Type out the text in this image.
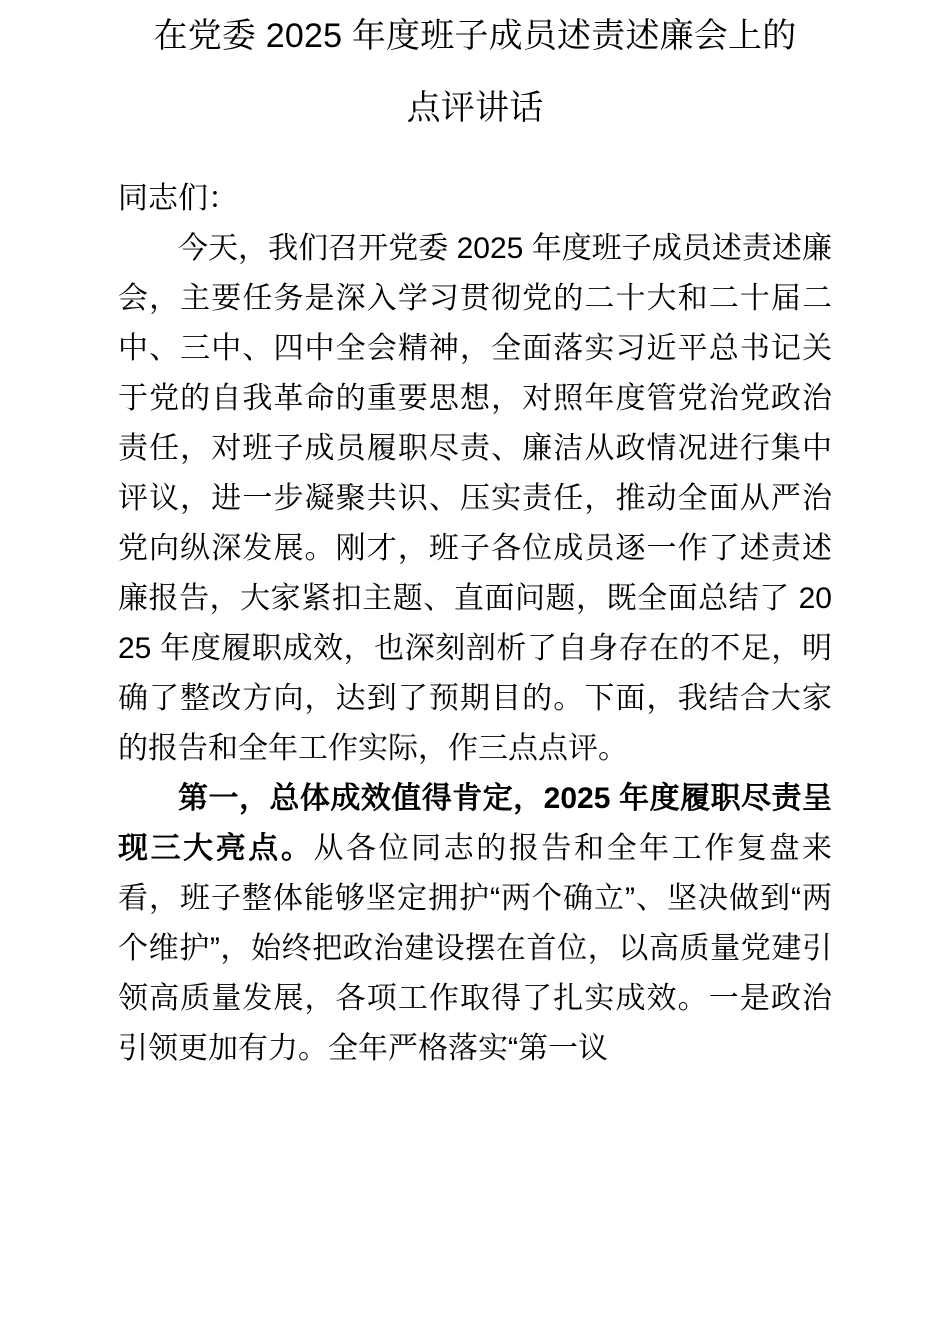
在党委 2025 年度班子成员述责述廉会上的
点评讲话

同志们：

今天，我们召开党委 2025 年度班子成员述责述廉会，主要任务是深入学习贯彻党的二十大和二十届二中、三中、四中全会精神，全面落实习近平总书记关于党的自我革命的重要思想，对照年度管党治党政治责任，对班子成员履职尽责、廉洁从政情况进行集中评议，进一步凝聚共识、压实责任，推动全面从严治党向纵深发展。刚才，班子各位成员逐一作了述责述廉报告，大家紧扣主题、直面问题，既全面总结了 2025 年度履职成效，也深刻剖析了自身存在的不足，明确了整改方向，达到了预期目的。下面，我结合大家的报告和全年工作实际，作三点点评。

第一，总体成效值得肯定，2025 年度履职尽责呈现三大亮点。从各位同志的报告和全年工作复盘来看，班子整体能够坚定拥护“两个确立”、坚决做到“两个维护”，始终把政治建设摆在首位，以高质量党建引领高质量发展，各项工作取得了扎实成效。一是政治引领更加有力。全年严格落实“第一议
